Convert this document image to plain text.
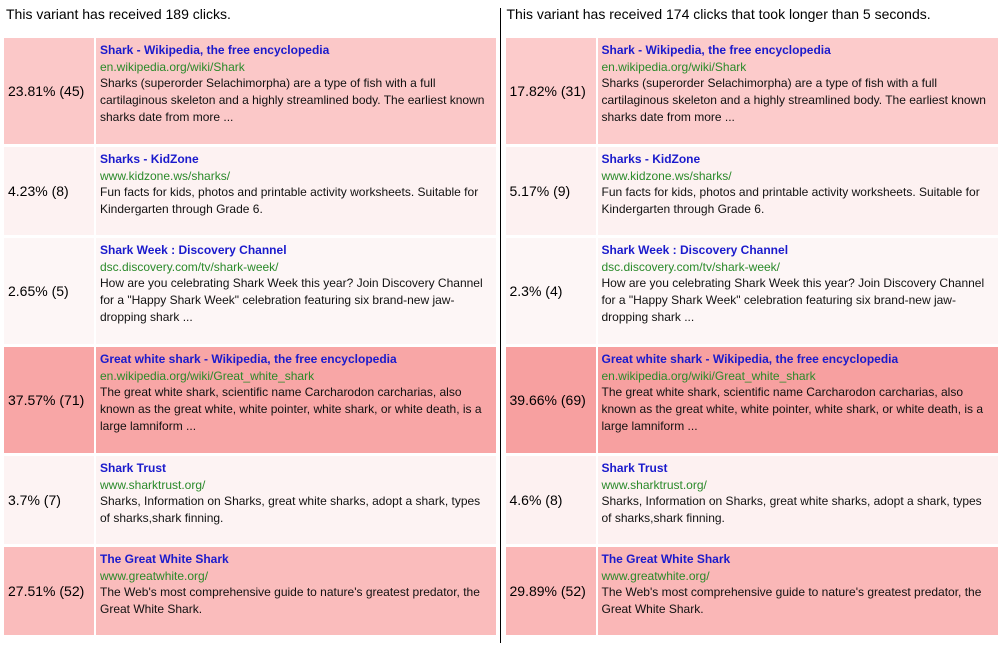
This variant has received 189 clicks.
23.81% (45)
Shark - Wikipedia, the free encyclopedia
en.wikipedia.org/wiki/Shark
Sharks (superorder Selachimorpha) are a type of fish with a full cartilaginous skeleton and a highly streamlined body. The earliest known sharks date from more ...
4.23% (8)
Sharks - KidZone
www.kidzone.ws/sharks/
Fun facts for kids, photos and printable activity worksheets. Suitable for Kindergarten through Grade 6.
2.65% (5)
Shark Week : Discovery Channel
dsc.discovery.com/tv/shark-week/
How are you celebrating Shark Week this year? Join Discovery Channel for a "Happy Shark Week" celebration featuring six brand-new jaw-dropping shark ...
37.57% (71)
Great white shark - Wikipedia, the free encyclopedia
en.wikipedia.org/wiki/Great_white_shark
The great white shark, scientific name Carcharodon carcharias, also known as the great white, white pointer, white shark, or white death, is a large lamniform ...
3.7% (7)
Shark Trust
www.sharktrust.org/
Sharks, Information on Sharks, great white sharks, adopt a shark, types of sharks,shark finning.
27.51% (52)
The Great White Shark
www.greatwhite.org/
The Web's most comprehensive guide to nature's greatest predator, the Great White Shark.
This variant has received 174 clicks that took longer than 5 seconds.
17.82% (31)
Shark - Wikipedia, the free encyclopedia
en.wikipedia.org/wiki/Shark
Sharks (superorder Selachimorpha) are a type of fish with a full cartilaginous skeleton and a highly streamlined body. The earliest known sharks date from more ...
5.17% (9)
Sharks - KidZone
www.kidzone.ws/sharks/
Fun facts for kids, photos and printable activity worksheets. Suitable for Kindergarten through Grade 6.
2.3% (4)
Shark Week : Discovery Channel
dsc.discovery.com/tv/shark-week/
How are you celebrating Shark Week this year? Join Discovery Channel for a "Happy Shark Week" celebration featuring six brand-new jaw-dropping shark ...
39.66% (69)
Great white shark - Wikipedia, the free encyclopedia
en.wikipedia.org/wiki/Great_white_shark
The great white shark, scientific name Carcharodon carcharias, also known as the great white, white pointer, white shark, or white death, is a large lamniform ...
4.6% (8)
Shark Trust
www.sharktrust.org/
Sharks, Information on Sharks, great white sharks, adopt a shark, types of sharks,shark finning.
29.89% (52)
The Great White Shark
www.greatwhite.org/
The Web's most comprehensive guide to nature's greatest predator, the Great White Shark.
